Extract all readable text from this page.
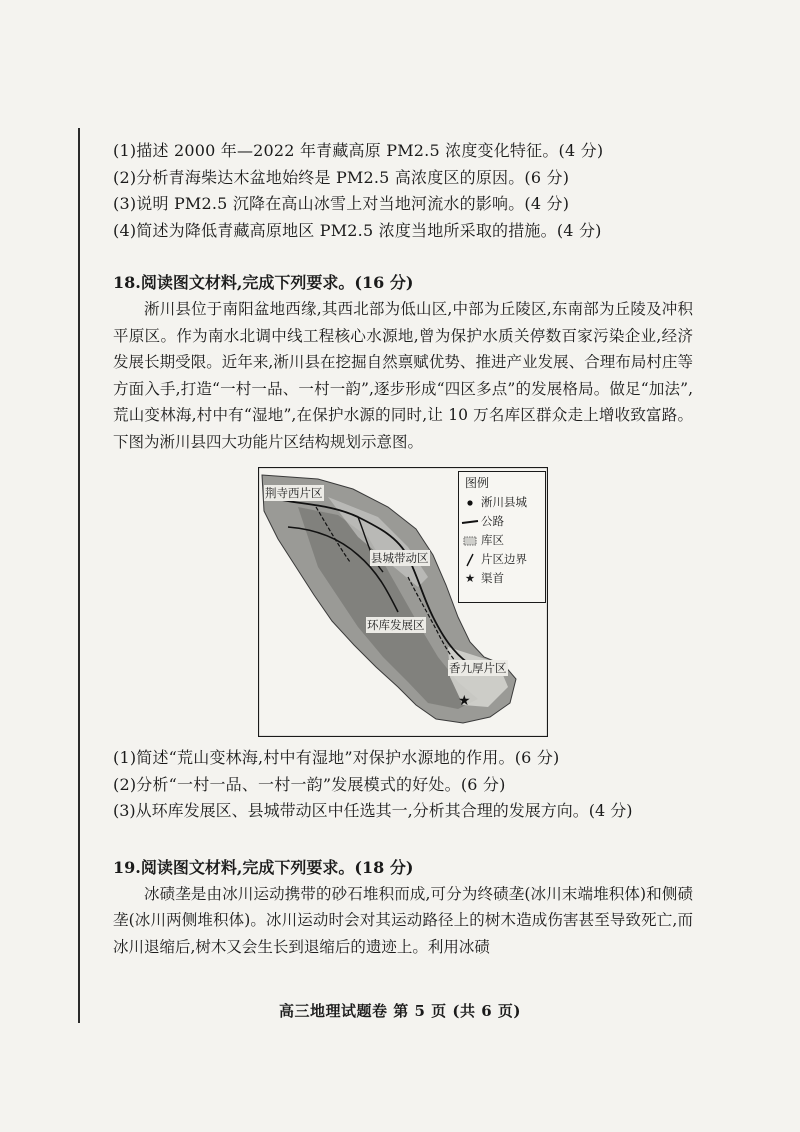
(1)描述 2000 年—2022 年青藏高原 PM2.5 浓度变化特征。(4 分)
(2)分析青海柴达木盆地始终是 PM2.5 高浓度区的原因。(6 分)
(3)说明 PM2.5 沉降在高山冰雪上对当地河流水的影响。(4 分)
(4)简述为降低青藏高原地区 PM2.5 浓度当地所采取的措施。(4 分)
18.阅读图文材料,完成下列要求。(16 分)
淅川县位于南阳盆地西缘,其西北部为低山区,中部为丘陵区,东南部为丘陵及冲积平原区。作为南水北调中线工程核心水源地,曾为保护水质关停数百家污染企业,经济发展长期受限。近年来,淅川县在挖掘自然禀赋优势、推进产业发展、合理布局村庄等方面入手,打造“一村一品、一村一韵”,逐步形成“四区多点”的发展格局。做足“加法”,荒山变林海,村中有“湿地”,在保护水源的同时,让 10 万名库区群众走上增收致富路。下图为淅川县四大功能片区结构规划示意图。
★
荆寺西片区
县城带动区
环库发展区
香九厚片区
图例
淅川县城
公路
库区
片区边界
★ 渠首
(1)简述“荒山变林海,村中有湿地”对保护水源地的作用。(6 分)
(2)分析“一村一品、一村一韵”发展模式的好处。(6 分)
(3)从环库发展区、县城带动区中任选其一,分析其合理的发展方向。(4 分)
19.阅读图文材料,完成下列要求。(18 分)
冰碛垄是由冰川运动携带的砂石堆积而成,可分为终碛垄(冰川末端堆积体)和侧碛垄(冰川两侧堆积体)。冰川运动时会对其运动路径上的树木造成伤害甚至导致死亡,而冰川退缩后,树木又会生长到退缩后的遗迹上。利用冰碛
高三地理试题卷 第 5 页 (共 6 页)
